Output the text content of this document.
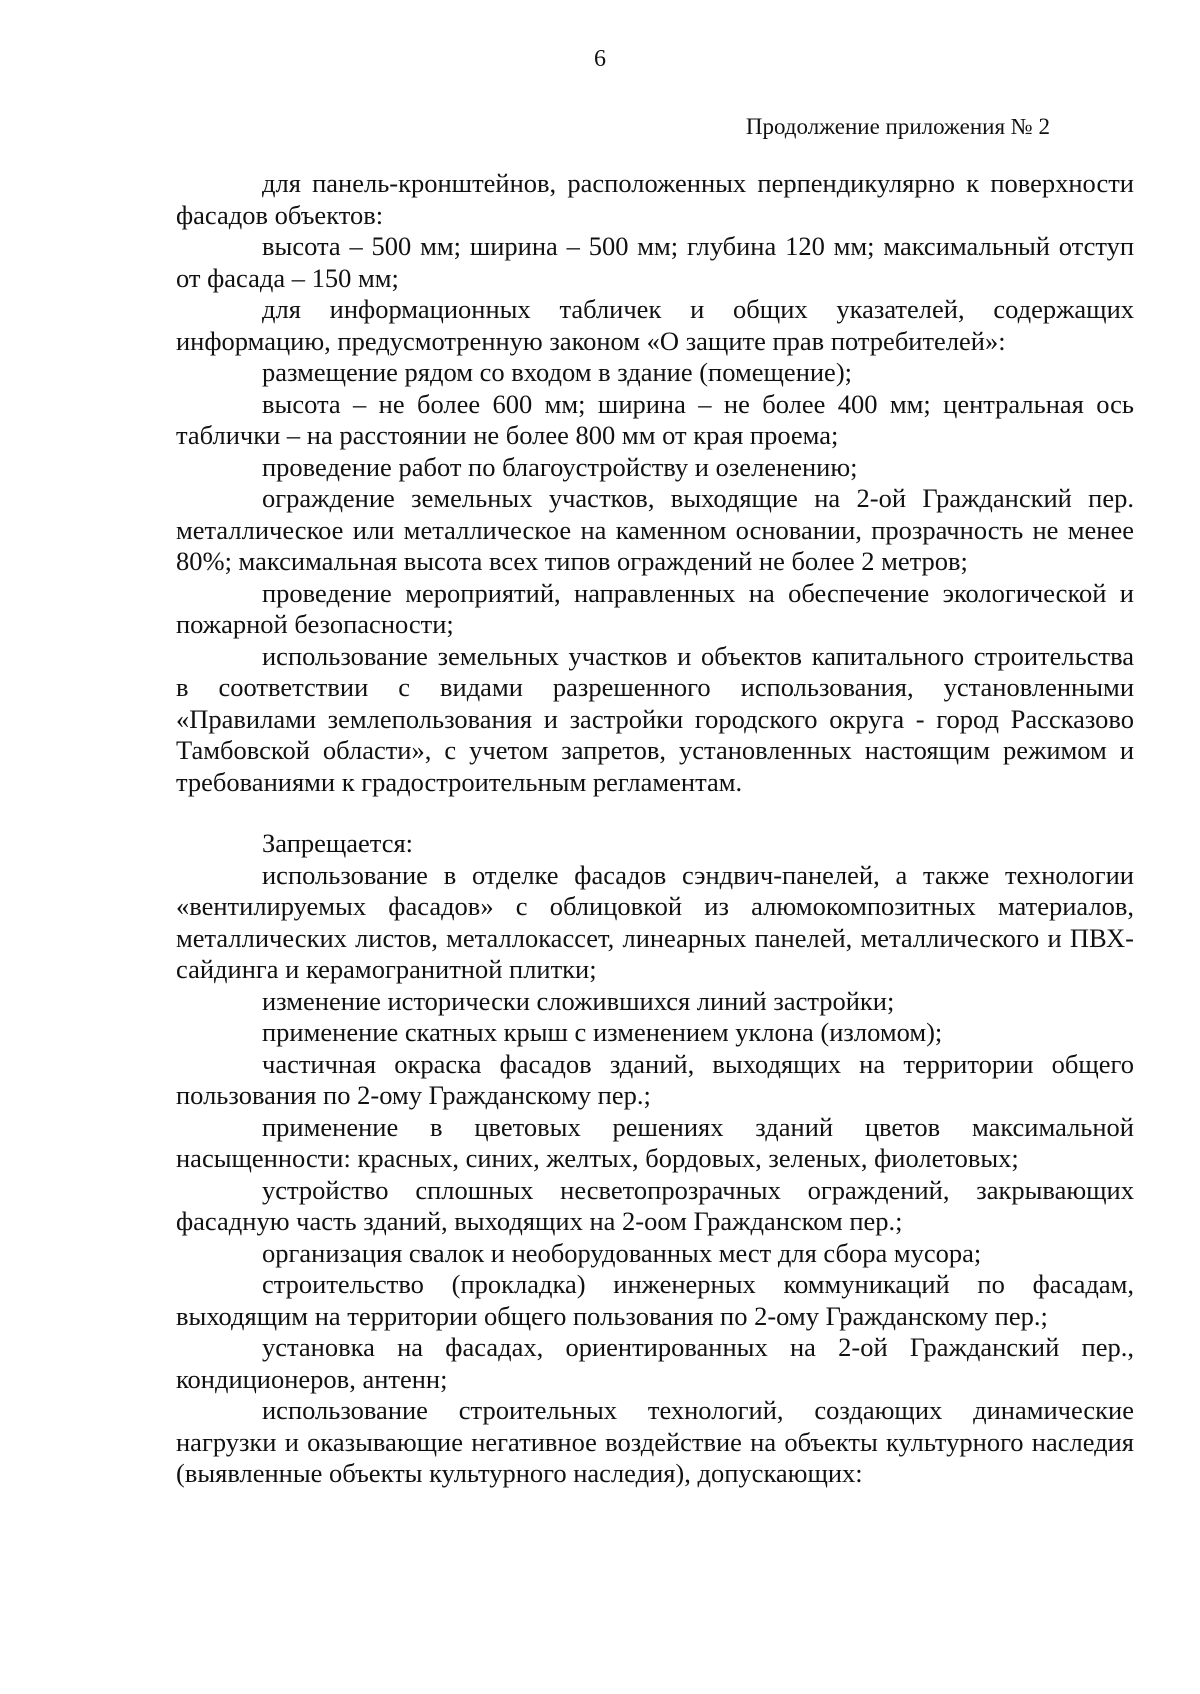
6
Продолжение приложения № 2

для панель-кронштейнов, расположенных перпендикулярно к поверхности фасадов объектов:

высота – 500 мм; ширина – 500 мм; глубина 120 мм; максимальный отступ от фасада – 150 мм;

для информационных табличек и общих указателей, содержащих информацию, предусмотренную законом «О защите прав потребителей»:

размещение рядом со входом в здание (помещение);

высота – не более 600 мм; ширина – не более 400 мм; центральная ось таблички – на расстоянии не более 800 мм от края проема;

проведение работ по благоустройству и озеленению;

ограждение земельных участков, выходящие на 2-ой Гражданский пер. металлическое или металлическое на каменном основании, прозрачность не менее 80%; максимальная высота всех типов ограждений не более 2 метров;

проведение мероприятий, направленных на обеспечение экологической и пожарной безопасности;

использование земельных участков и объектов капитального строительства в соответствии с видами разрешенного использования, установленными «Правилами землепользования и застройки городского округа - город Рассказово Тамбовской области», с учетом запретов, установленных настоящим режимом и требованиями к градостроительным регламентам.

Запрещается:

использование в отделке фасадов сэндвич-панелей, а также технологии «вентилируемых фасадов» с облицовкой из алюмокомпозитных материалов, металлических листов, металлокассет, линеарных панелей, металлического и ПВХ-сайдинга и керамогранитной плитки;

изменение исторически сложившихся линий застройки;

применение скатных крыш с изменением уклона (изломом);

частичная окраска фасадов зданий, выходящих на территории общего пользования по 2-ому Гражданскому пер.;

применение в цветовых решениях зданий цветов максимальной насыщенности: красных, синих, желтых, бордовых, зеленых, фиолетовых;

устройство сплошных несветопрозрачных ограждений, закрывающих фасадную часть зданий, выходящих на 2-оом Гражданском пер.;

организация свалок и необорудованных мест для сбора мусора;

строительство (прокладка) инженерных коммуникаций по фасадам, выходящим на территории общего пользования по 2-ому Гражданскому пер.;

установка на фасадах, ориентированных на 2-ой Гражданский пер., кондиционеров, антенн;

использование строительных технологий, создающих динамические нагрузки и оказывающие негативное воздействие на объекты культурного наследия (выявленные объекты культурного наследия), допускающих:
